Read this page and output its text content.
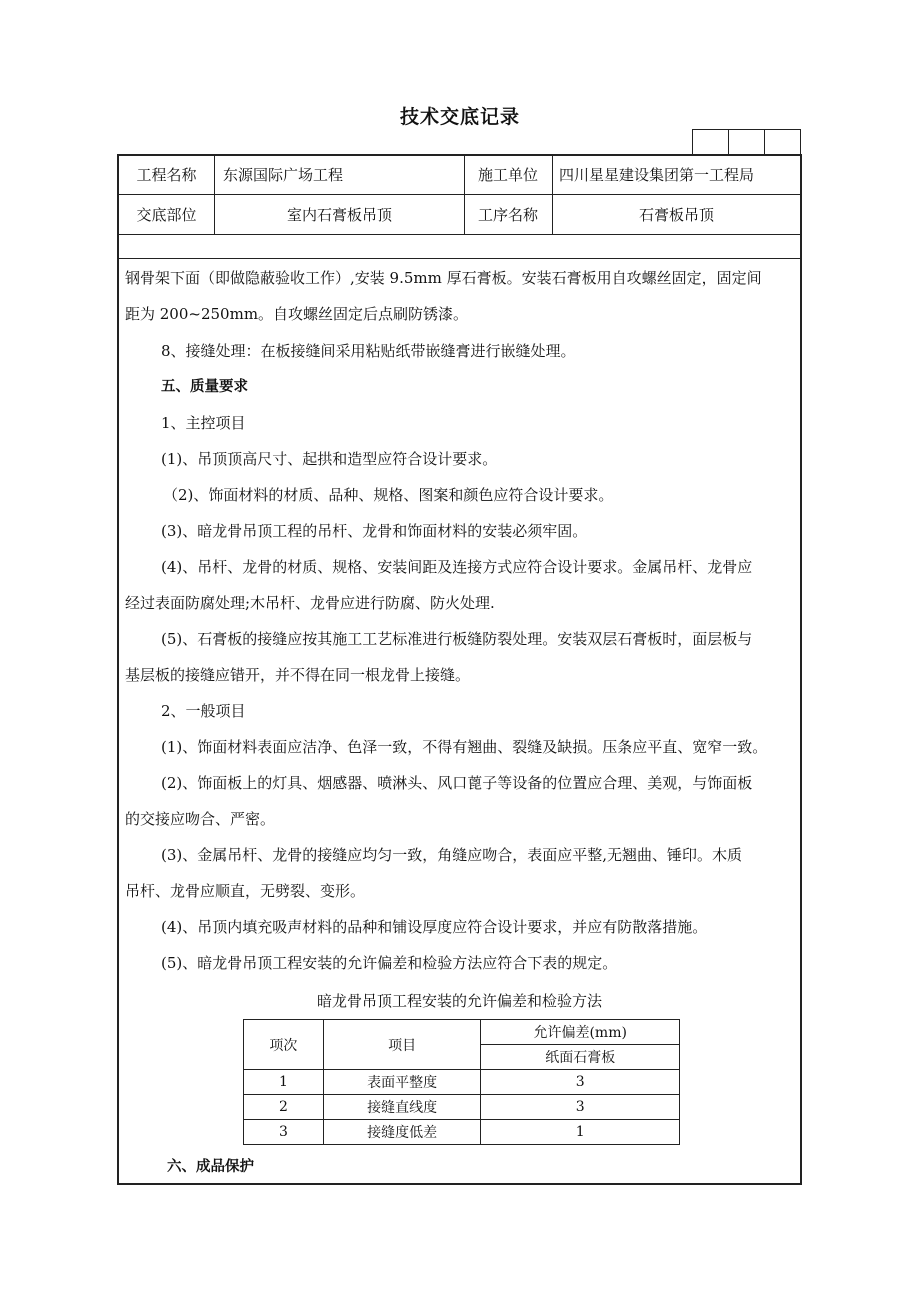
技术交底记录
工程名称	东源国际广场工程	施工单位	四川星星建设集团第一工程局
交底部位	室内石膏板吊顶	工序名称	石膏板吊顶
钢骨架下面（即做隐蔽验收工作）,安装 9.5mm 厚石膏板。安装石膏板用自攻螺丝固定，固定间
距为 200~250mm。自攻螺丝固定后点刷防锈漆。
8、接缝处理：在板接缝间采用粘贴纸带嵌缝膏进行嵌缝处理。
五、质量要求
1、主控项目
(1)、吊顶顶高尺寸、起拱和造型应符合设计要求。
（2)、饰面材料的材质、品种、规格、图案和颜色应符合设计要求。
(3)、暗龙骨吊顶工程的吊杆、龙骨和饰面材料的安装必须牢固。
(4)、吊杆、龙骨的材质、规格、安装间距及连接方式应符合设计要求。金属吊杆、龙骨应
经过表面防腐处理;木吊杆、龙骨应进行防腐、防火处理.
(5)、石膏板的接缝应按其施工工艺标准进行板缝防裂处理。安装双层石膏板时，面层板与
基层板的接缝应错开，并不得在同一根龙骨上接缝。
2、一般项目
(1)、饰面材料表面应洁净、色泽一致，不得有翘曲、裂缝及缺损。压条应平直、宽窄一致。
(2)、饰面板上的灯具、烟感器、喷淋头、风口蓖子等设备的位置应合理、美观，与饰面板
的交接应吻合、严密。
(3)、金属吊杆、龙骨的接缝应均匀一致，角缝应吻合，表面应平整,无翘曲、锤印。木质
吊杆、龙骨应顺直，无劈裂、变形。
(4)、吊顶内填充吸声材料的品种和铺设厚度应符合设计要求，并应有防散落措施。
(5)、暗龙骨吊顶工程安装的允许偏差和检验方法应符合下表的规定。
暗龙骨吊顶工程安装的允许偏差和检验方法
项次	项目	允许偏差(mm)
		纸面石膏板
1	表面平整度	3
2	接缝直线度	3
3	接缝度低差	1
六、成品保护
